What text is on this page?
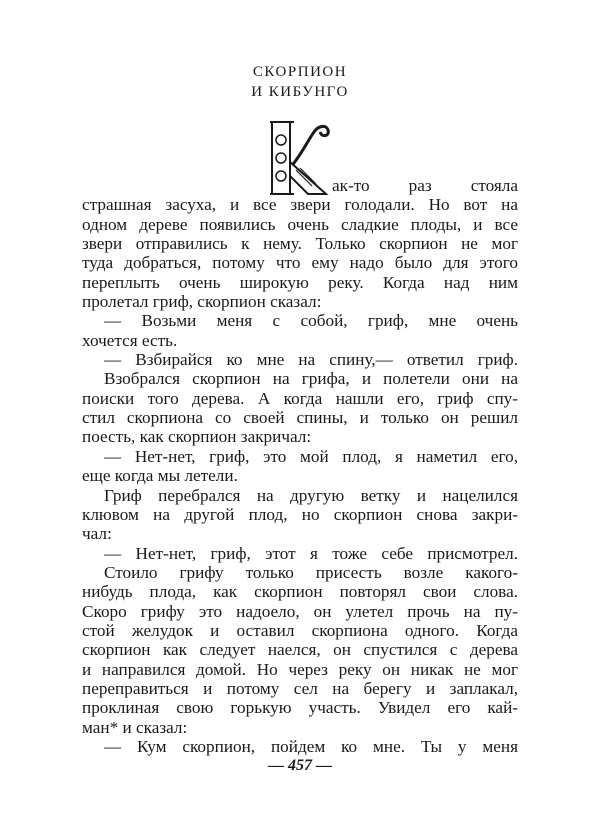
СКОРПИОН
И КИБУНГО
ак-то раз стояла
страшная засуха, и все звери голодали. Но вот на
одном дереве появились очень сладкие плоды, и все
звери отправились к нему. Только скорпион не мог
туда добраться, потому что ему надо было для этого
переплыть очень широкую реку. Когда над ним
пролетал гриф, скорпион сказал:
— Возьми меня с собой, гриф, мне очень
хочется есть.
— Взбирайся ко мне на спину,— ответил гриф.
Взобрался скорпион на грифа, и полетели они на
поиски того дерева. А когда нашли его, гриф спу-
стил скорпиона со своей спины, и только он решил
поесть, как скорпион закричал:
— Нет-нет, гриф, это мой плод, я наметил его,
еще когда мы летели.
Гриф перебрался на другую ветку и нацелился
клювом на другой плод, но скорпион снова закри-
чал:
— Нет-нет, гриф, этот я тоже себе присмотрел.
Стоило грифу только присесть возле какого-
нибудь плода, как скорпион повторял свои слова.
Скоро грифу это надоело, он улетел прочь на пу-
стой желудок и оставил скорпиона одного. Когда
скорпион как следует наелся, он спустился с дерева
и направился домой. Но через реку он никак не мог
переправиться и потому сел на берегу и заплакал,
проклиная свою горькую участь. Увидел его кай-
ман* и сказал:
— Кум скорпион, пойдем ко мне. Ты у меня
— 457 —
